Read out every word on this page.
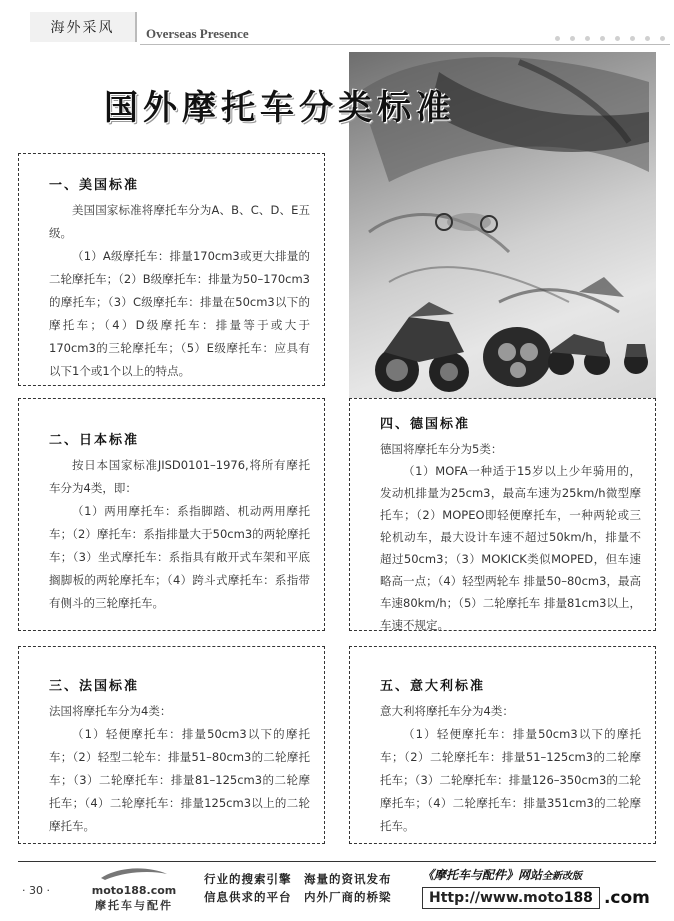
海外采风	Overseas Presence
国外摩托车分类标准
一、美国标准

美国国家标准将摩托车分为A、B、C、D、E五级。

（1）A级摩托车：排量170cm3或更大排量的二轮摩托车；（2）B级摩托车：排量为50–170cm3的摩托车；（3）C级摩托车：排量在50cm3以下的摩托车；（4）D级摩托车：排量等于或大于170cm3的三轮摩托车；（5）E级摩托车：应具有以下1个或1个以上的特点。

二、日本标准

按日本国家标准JISD0101–1976,将所有摩托车分为4类，即：

（1）两用摩托车：系指脚踏、机动两用摩托车；（2）摩托车：系指排量大于50cm3的两轮摩托车；（3）坐式摩托车：系指具有敞开式车架和平底搁脚板的两轮摩托车；（4）跨斗式摩托车：系指带有侧斗的三轮摩托车。

四、德国标准

德国将摩托车分为5类：

（1）MOFA一种适于15岁以上少年骑用的，发动机排量为25cm3，最高车速为25km/h微型摩托车；（2）MOPEO即轻便摩托车，一种两轮或三轮机动车，最大设计车速不超过50km/h，排量不超过50cm3；（3）MOKICK类似MOPED，但车速略高一点；（4）轻型两轮车 排量50–80cm3，最高车速80km/h；（5）二轮摩托车 排量81cm3以上，车速不规定。

三、法国标准

法国将摩托车分为4类：

（1）轻便摩托车：排量50cm3以下的摩托车；（2）轻型二轮车：排量51–80cm3的二轮摩托车；（3）二轮摩托车：排量81–125cm3的二轮摩托车；（4）二轮摩托车：排量125cm3以上的二轮摩托车。

五、意大利标准

意大利将摩托车分为4类：

（1）轻便摩托车：排量50cm3以下的摩托车；（2）二轮摩托车：排量51–125cm3的二轮摩托车；（3）二轮摩托车：排量126–350cm3的二轮摩托车；（4）二轮摩托车：排量351cm3的二轮摩托车。

· 30 ·	moto188.com
摩托车与配件
行业的搜索引擎　海量的资讯发布
信息供求的平台　内外厂商的桥梁
《摩托车与配件》网站全新改版
Http://www.moto 188 .com
